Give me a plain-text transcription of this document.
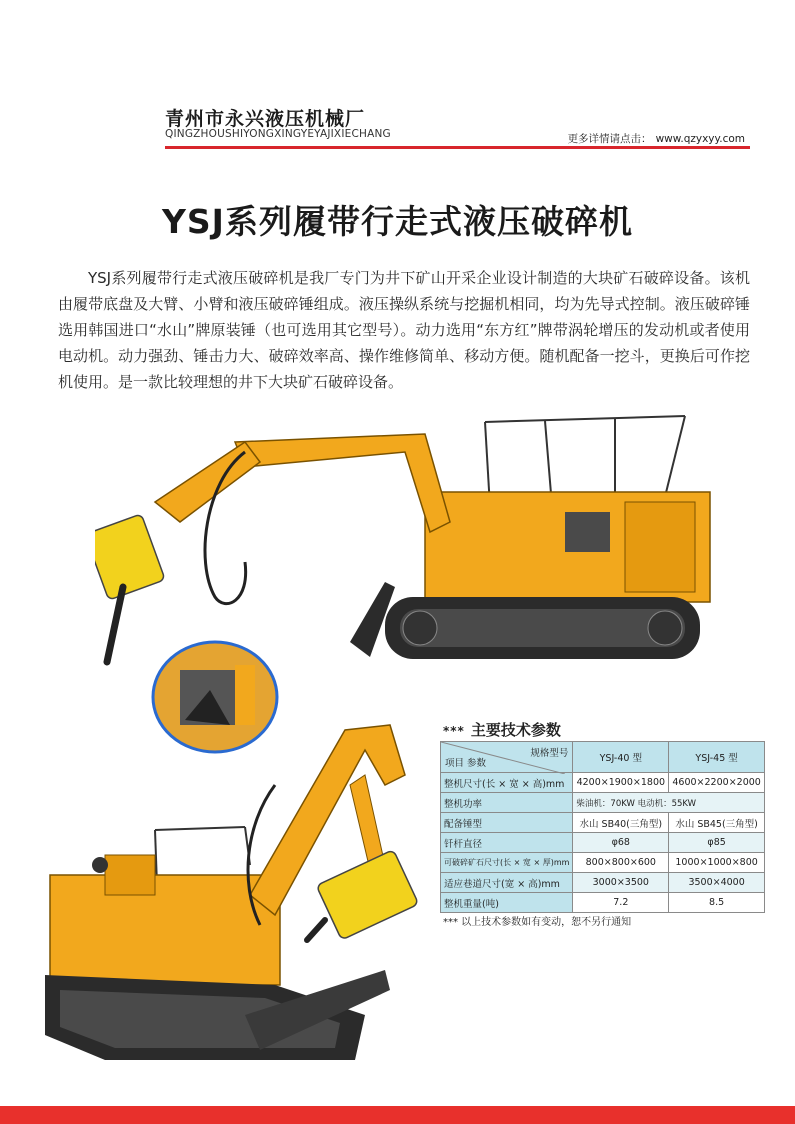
青州市永兴液压机械厂
QINGZHOUSHIYONGXINGYEYAJIXIECHANG	更多详情请点击： www.qzyxyy.com
YSJ系列履带行走式液压破碎机

YSJ系列履带行走式液压破碎机是我厂专门为井下矿山开采企业设计制造的大块矿石破碎设备。该机由履带底盘及大臂、小臂和液压破碎锤组成。液压操纵系统与挖掘机相同，均为先导式控制。液压破碎锤选用韩国进口“水山”牌原装锤（也可选用其它型号）。动力选用“东方红”牌带涡轮增压的发动机或者使用电动机。动力强劲、锤击力大、破碎效率高、操作维修简单、移动方便。随机配备一挖斗，更换后可作挖机使用。是一款比较理想的井下大块矿石破碎设备。

*** 主要技术参数
规格型号
项目 参数	YSJ-40 型	YSJ-45 型
整机尺寸(长 × 宽 × 高)mm	4200×1900×1800	4600×2200×2000
整机功率	柴油机：70KW 电动机：55KW	
配备锤型	水山 SB40(三角型)	水山 SB45(三角型)
钎杆直径	φ68	φ85
可破碎矿石尺寸(长 × 宽 × 厚)mm	800×800×600	1000×1000×800
适应巷道尺寸(宽 × 高)mm	3000×3500	3500×4000
整机重量(吨)	7.2	8.5
*** 以上技术参数如有变动，恕不另行通知
